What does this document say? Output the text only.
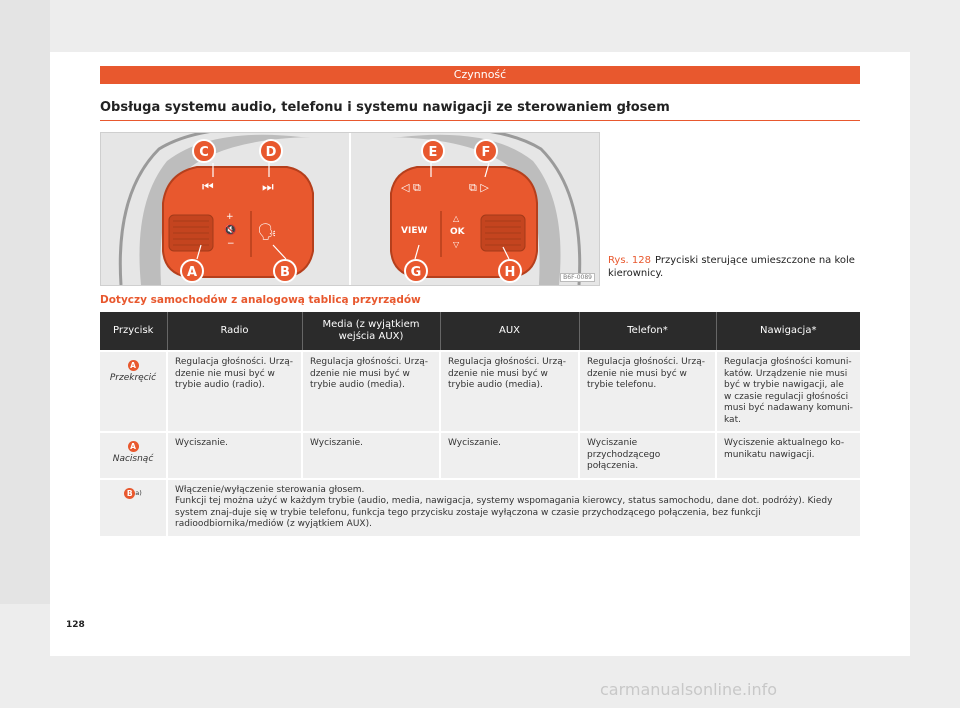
Czynność
Obsługa systemu audio, telefonu i systemu nawigacji ze sterowaniem głosem
⏮	⏭
+
🔇
−
🗣
◁ ⧉	⧉ ▷
VIEW
△
OK
▽
C	D	E	F
A	B	G	H	B6F-0089
Rys. 128 Przyciski sterujące umieszczone na kole kierownicy.
Dotyczy samochodów z analogową tablicą przyrządów
Przycisk	Radio	Media (z wyjątkiem wejścia AUX)	AUX	Telefon*	Nawigacja*
A
Przekręcić	Regulacja głośności. Urzą-dzenie nie musi być w trybie audio (radio).	Regulacja głośności. Urzą-dzenie nie musi być w trybie audio (media).	Regulacja głośności. Urzą-dzenie nie musi być w trybie audio (media).	Regulacja głośności. Urzą-dzenie nie musi być w trybie telefonu.	Regulacja głośności komuni-katów. Urządzenie nie musi być w trybie nawigacji, ale w czasie regulacji głośności musi być nadawany komuni-kat.
A
Nacisnąć	Wyciszanie.	Wyciszanie.	Wyciszanie.	Wyciszanie przychodzącego połączenia.	Wyciszenie aktualnego ko-munikatu nawigacji.
B $^{a)}$	Włączenie/wyłączenie sterowania głosem.
Funkcji tej można użyć w każdym trybie (audio, media, nawigacja, systemy wspomagania kierowcy, status samochodu, dane dot. podróży). Kiedy system znaj-duje się w trybie telefonu, funkcja tego przycisku zostaje wyłączona w czasie przychodzącego połączenia, bez funkcji radioodbiornika/mediów (z wyjątkiem AUX).				
128
carmanualsonline.info
